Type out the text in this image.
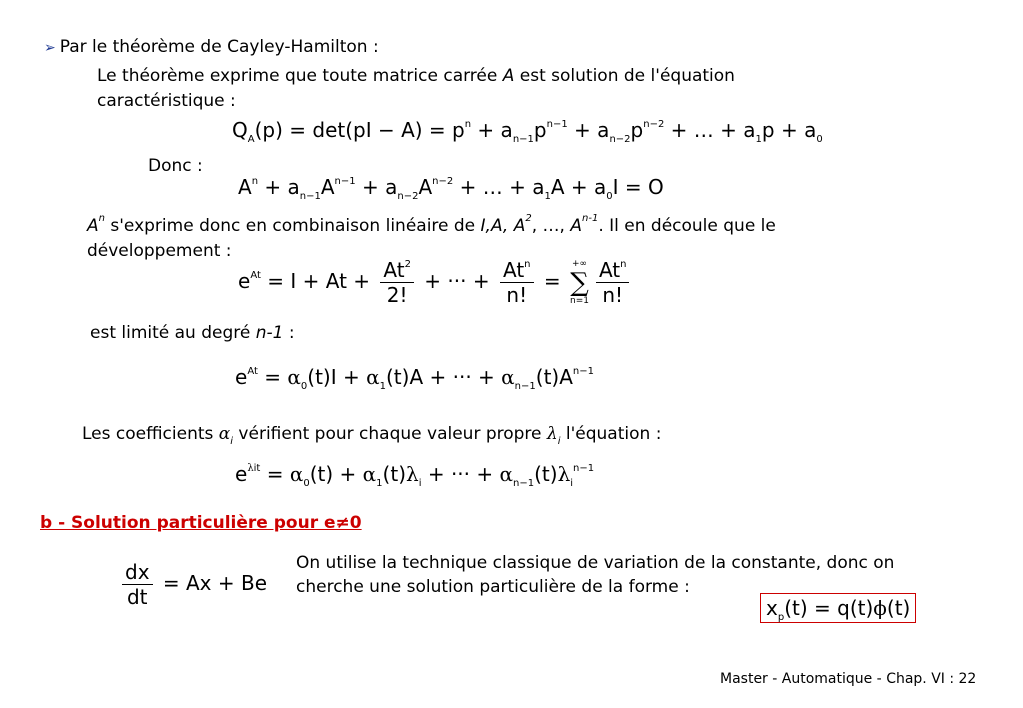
➢ Par le théorème de Cayley-Hamilton :
Le théorème exprime que toute matrice carrée A est solution de l'équation
caractéristique :
$Q_A(p) = \det(pI - A) = p^n + a_{n-1}p^{n-1} + a_{n-2}p^{n-2}$ + … + $a_1p + a_0$
Donc :
$A^n + a_{n-1}A^{n-1} + a_{n-2}A^{n-2}$ + … + $a_1A + a_0I = O$
$A^n$ s'exprime donc en combinaison linéaire de I,A, $A^2$, …, $A^{n-1}$. Il en découle que le
développement :
$e^{At} = I + At + \frac{At^2}{2!}$ + ··· + $\frac{At^n}{n!}$ =
+∞
∑
$n=1 \frac{At^n}{n!}$
est limité au degré n-1 :
$e^{At} = \alpha_0(t)I + \alpha_1(t)A$ + ··· + $\alpha_{n-1}(t)A^{n-1}$
Les coefficients $\alpha_i$ vérifient pour chaque valeur propre $\lambda_i$ l'équation :
$e^{\lambda it} = \alpha_0(t) + \alpha_1(t)\lambda_i$ + ··· + $\alpha_{n-1}(t)\lambda_i^{n-1}$
b - Solution particulière pour e≠0
$\frac{dx}{dt} = Ax + Be$
On utilise la technique classique de variation de la constante, donc on
cherche une solution particulière de la forme :
$x_p(t) = q(t)\phi(t)$
Master - Automatique - Chap. VI : 22
